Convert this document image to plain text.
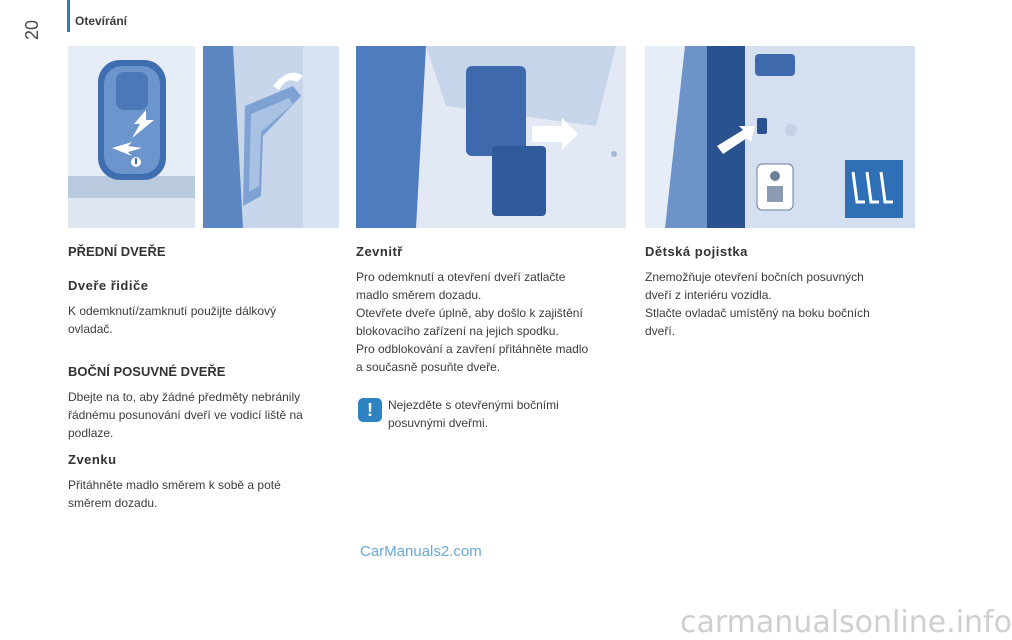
20	Otevírání
PŘEDNÍ DVEŘE
Dveře řidiče
K odemknutí/zamknutí použijte dálkový
ovladač.
BOČNÍ POSUVNÉ DVEŘE
Dbejte na to, aby žádné předměty nebránily
řádnému posunování dveří ve vodicí liště na
podlaze.
Zvenku
Přitáhněte madlo směrem k sobě a poté
směrem dozadu.
Zevnitř
Pro odemknutí a otevření dveří zatlačte
madlo směrem dozadu.
Otevřete dveře úplně, aby došlo k zajištění
blokovacího zařízení na jejich spodku.
Pro odblokování a zavření přitáhněte madlo
a současně posuňte dveře.
!	Nejezděte s otevřenými bočními
posuvnými dveřmi.
Dětská pojistka
Znemožňuje otevření bočních posuvných
dveří z interiéru vozidla.
Stlačte ovladač umístěný na boku bočních
dveří.
CarManuals2.com
carmanualsonline.info
